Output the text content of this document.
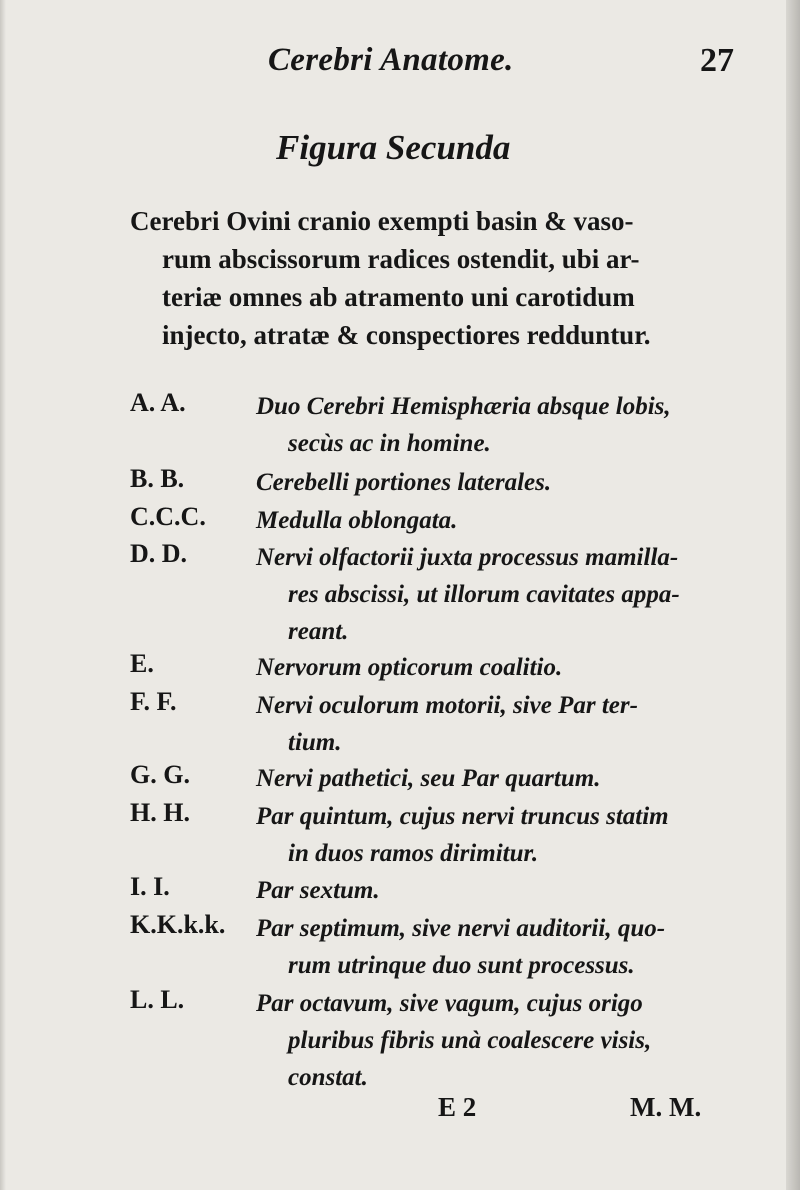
Cerebri Anatome.	27
Figura Secunda
Cerebri Ovini cranio exempti basin & vaso-
rum abscissorum radices ostendit, ubi ar-
teriæ omnes ab atramento uni carotidum
injecto, atratæ & conspectiores redduntur.
A. A.	Duo Cerebri Hemisphæria absque lobis,
secùs ac in homine.
B. B.	Cerebelli portiones laterales.
C.C.C. Medulla oblongata.
D. D.	Nervi olfactorii juxta processus mamilla-
res abscissi, ut illorum cavitates appa-
reant.
E.	Nervorum opticorum coalitio.
F. F.	Nervi oculorum motorii, sive Par ter-
tium.
G. G.	Nervi pathetici, seu Par quartum.
H. H.	Par quintum, cujus nervi truncus statim
in duos ramos dirimitur.
I. I.	Par sextum.
K.K.k.k. Par septimum, sive nervi auditorii, quo-
rum utrinque duo sunt processus.
L. L.	Par octavum, sive vagum, cujus origo
pluribus fibris unà coalescere visis,
constat.
E 2	M. M.
